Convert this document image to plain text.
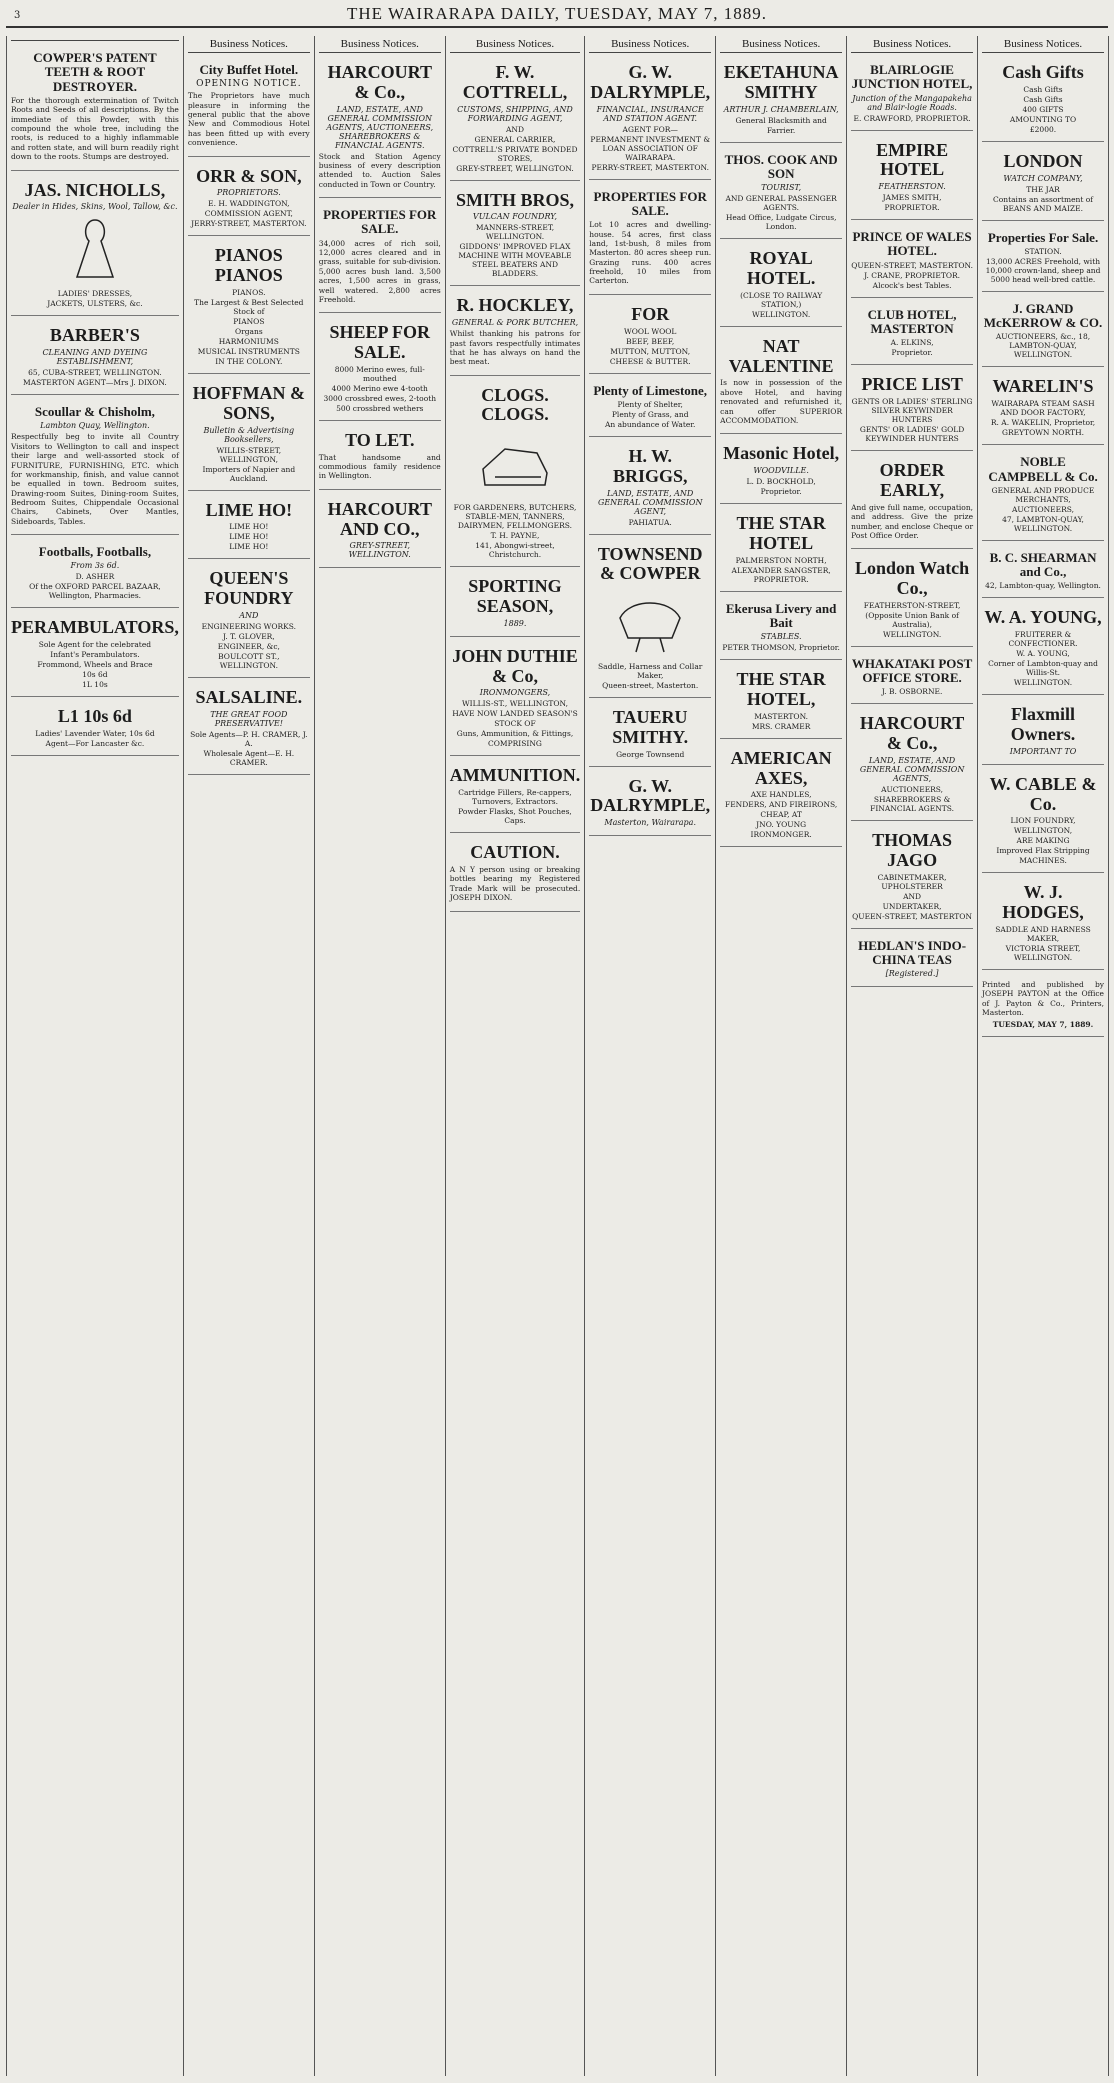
3	THE WAIRARAPA DAILY, TUESDAY, MAY 7, 1889.
COWPER'S PATENT TEETH & ROOT DESTROYER.

For the thorough extermination of Twitch Roots and Seeds of all descriptions. By the immediate of this Powder, with this compound the whole tree, including the roots, is reduced to a highly inflammable and rotten state, and will burn readily right down to the roots. Stumps are destroyed.

JAS. NICHOLLS,
Dealer in Hides, Skins, Wool, Tallow, &c.
LADIES' DRESSES,
JACKETS, ULSTERS, &c.
BARBER'S
CLEANING AND DYEING ESTABLISHMENT,
65, CUBA-STREET, WELLINGTON.
MASTERTON AGENT—Mrs J. DIXON.
Scoullar & Chisholm,
Lambton Quay, Wellington.

Respectfully beg to invite all Country Visitors to Wellington to call and inspect their large and well-assorted stock of FURNITURE, FURNISHING, ETC. which for workmanship, finish, and value cannot be equalled in town. Bedroom suites, Drawing-room Suites, Dining-room Suites, Bedroom Suites, Chippendale Occasional Chairs, Cabinets, Over Mantles, Sideboards, Tables.

Footballs, Footballs,
From 3s 6d.
D. ASHER
Of the OXFORD PARCEL BAZAAR, Wellington, Pharmacies.
PERAMBULATORS,
Sole Agent for the celebrated
Infant's Perambulators.
Frommond, Wheels and Brace
10s 6d
1L 10s
L1 10s 6d
Ladies' Lavender Water, 10s 6d
Agent—For Lancaster &c.
Business Notices.
City Buffet Hotel.
OPENING NOTICE.

The Proprietors have much pleasure in informing the general public that the above New and Commodious Hotel has been fitted up with every convenience.

ORR & SON,
PROPRIETORS.
E. H. WADDINGTON,
COMMISSION AGENT,
JERRY-STREET, MASTERTON.
PIANOS PIANOS
PIANOS.
The Largest & Best Selected Stock of
PIANOS
Organs
HARMONIUMS
MUSICAL INSTRUMENTS
IN THE COLONY.
HOFFMAN & SONS,
Bulletin & Advertising Booksellers,
WILLIS-STREET, WELLINGTON,
Importers of Napier and Auckland.
LIME HO!
LIME HO!
LIME HO!
LIME HO!
QUEEN'S FOUNDRY
AND
ENGINEERING WORKS.
J. T. GLOVER,
ENGINEER, &c,
BOULCOTT ST., WELLINGTON.
SALSALINE.
THE GREAT FOOD PRESERVATIVE!
Sole Agents—P. H. CRAMER, J. A.
Wholesale Agent—E. H. CRAMER.
Business Notices.
HARCOURT & Co.,
LAND, ESTATE, AND GENERAL COMMISSION AGENTS, AUCTIONEERS, SHAREBROKERS & FINANCIAL AGENTS.

Stock and Station Agency business of every description attended to. Auction Sales conducted in Town or Country.

PROPERTIES FOR SALE.

34,000 acres of rich soil, 12,000 acres cleared and in grass, suitable for sub-division. 5,000 acres bush land. 3,500 acres, 1,500 acres in grass, well watered. 2,800 acres Freehold.

SHEEP FOR SALE.
8000 Merino ewes, full-mouthed
4000 Merino ewe 4-tooth
3000 crossbred ewes, 2-tooth
500 crossbred wethers
TO LET.

That handsome and commodious family residence in Wellington.

HARCOURT AND CO.,
GREY-STREET, WELLINGTON.
Business Notices.
F. W. COTTRELL,
CUSTOMS, SHIPPING, AND FORWARDING AGENT,
AND
GENERAL CARRIER,
COTTRELL'S PRIVATE BONDED STORES,
GREY-STREET, WELLINGTON.
SMITH BROS,
VULCAN FOUNDRY,
MANNERS-STREET, WELLINGTON.
GIDDONS' IMPROVED FLAX MACHINE WITH MOVEABLE STEEL BEATERS AND BLADDERS.
R. HOCKLEY,
GENERAL & PORK BUTCHER,

Whilst thanking his patrons for past favors respectfully intimates that he has always on hand the best meat.

CLOGS. CLOGS.
FOR GARDENERS, BUTCHERS, STABLE-MEN, TANNERS, DAIRYMEN, FELLMONGERS.
T. H. PAYNE,
141, Abongwi-street, Christchurch.
SPORTING SEASON,
1889.
JOHN DUTHIE & Co,
IRONMONGERS,
WILLIS-ST., WELLINGTON,
HAVE NOW LANDED SEASON'S
STOCK OF
Guns, Ammunition, & Fittings,
COMPRISING
AMMUNITION.
Cartridge Fillers, Re-cappers, Turnovers, Extractors.
Powder Flasks, Shot Pouches, Caps.
CAUTION.

A N Y person using or breaking bottles bearing my Registered Trade Mark will be prosecuted. JOSEPH DIXON.

Business Notices.
G. W. DALRYMPLE,
FINANCIAL, INSURANCE AND STATION AGENT.
AGENT FOR—
PERMANENT INVESTMENT & LOAN ASSOCIATION OF WAIRARAPA.
PERRY-STREET, MASTERTON.
PROPERTIES FOR SALE.

Lot 10 acres and dwelling-house. 54 acres, first class land, 1st-bush, 8 miles from Masterton. 80 acres sheep run. Grazing runs. 400 acres freehold, 10 miles from Carterton.

FOR
WOOL WOOL
BEEF, BEEF,
MUTTON, MUTTON,
CHEESE & BUTTER.
Plenty of Limestone,
Plenty of Shelter,
Plenty of Grass, and
An abundance of Water.
H. W. BRIGGS,
LAND, ESTATE, AND GENERAL COMMISSION AGENT,
PAHIATUA.
TOWNSEND & COWPER
Saddle, Harness and Collar Maker,
Queen-street, Masterton.
TAUERU SMITHY.
George Townsend
G. W. DALRYMPLE,
Masterton, Wairarapa.
Business Notices.
EKETAHUNA SMITHY
ARTHUR J. CHAMBERLAIN,
General Blacksmith and
Farrier.
THOS. COOK AND SON
TOURIST,
AND GENERAL PASSENGER AGENTS.
Head Office, Ludgate Circus, London.
ROYAL HOTEL.
(CLOSE TO RAILWAY STATION,)
WELLINGTON.
NAT VALENTINE

Is now in possession of the above Hotel, and having renovated and refurnished it, can offer SUPERIOR ACCOMMODATION.

Masonic Hotel,
WOODVILLE.
L. D. BOCKHOLD,
Proprietor.
THE STAR HOTEL
PALMERSTON NORTH,
ALEXANDER SANGSTER, PROPRIETOR.
Ekerusa Livery and Bait
STABLES.
PETER THOMSON, Proprietor.
THE STAR HOTEL,
MASTERTON.
MRS. CRAMER
AMERICAN AXES,
AXE HANDLES,
FENDERS, AND FIREIRONS,
CHEAP, AT
JNO. YOUNG
IRONMONGER.
Business Notices.
BLAIRLOGIE JUNCTION HOTEL,
Junction of the Mangapakeha and Blair-logie Roads.
E. CRAWFORD, PROPRIETOR.
EMPIRE HOTEL
FEATHERSTON.
JAMES SMITH,
PROPRIETOR.
PRINCE OF WALES HOTEL.
QUEEN-STREET, MASTERTON.
J. CRANE, PROPRIETOR.
Alcock's best Tables.
CLUB HOTEL, MASTERTON
A. ELKINS,
Proprietor.
PRICE LIST
GENTS OR LADIES' STERLING SILVER KEYWINDER HUNTERS
GENTS' OR LADIES' GOLD KEYWINDER HUNTERS
ORDER EARLY,

And give full name, occupation, and address. Give the prize number, and enclose Cheque or Post Office Order.

London Watch Co.,
FEATHERSTON-STREET,
(Opposite Union Bank of Australia),
WELLINGTON.
WHAKATAKI POST OFFICE STORE.
J. B. OSBORNE.
HARCOURT & Co.,
LAND, ESTATE, AND GENERAL COMMISSION AGENTS,
AUCTIONEERS,
SHAREBROKERS & FINANCIAL AGENTS.
THOMAS JAGO
CABINETMAKER, UPHOLSTERER
AND
UNDERTAKER,
QUEEN-STREET, MASTERTON
HEDLAN'S INDO-CHINA TEAS
[Registered.]
Business Notices.
Cash Gifts
Cash Gifts
Cash Gifts
400 GIFTS
AMOUNTING TO
£2000.
LONDON
WATCH COMPANY,
THE JAR
Contains an assortment of BEANS AND MAIZE.
Properties For Sale.
STATION.
13,000 ACRES Freehold, with 10,000 crown-land, sheep and 5000 head well-bred cattle.
J. GRAND McKERROW & CO.
AUCTIONEERS, &c., 18, LAMBTON-QUAY, WELLINGTON.
WARELIN'S
WAIRARAPA STEAM SASH AND DOOR FACTORY,
R. A. WAKELIN, Proprietor,
GREYTOWN NORTH.
NOBLE CAMPBELL & Co.
GENERAL AND PRODUCE MERCHANTS,
AUCTIONEERS,
47, LAMBTON-QUAY, WELLINGTON.
B. C. SHEARMAN and Co.,
42, Lambton-quay, Wellington.
W. A. YOUNG,
FRUITERER & CONFECTIONER.
W. A. YOUNG,
Corner of Lambton-quay and Willis-St.
WELLINGTON.
Flaxmill Owners.
IMPORTANT TO
W. CABLE & Co.
LION FOUNDRY,
WELLINGTON,
ARE MAKING
Improved Flax Stripping
MACHINES.
W. J. HODGES,
SADDLE AND HARNESS MAKER,
VICTORIA STREET, WELLINGTON.

Printed and published by JOSEPH PAYTON at the Office of J. Payton & Co., Printers, Masterton.

TUESDAY, MAY 7, 1889.
